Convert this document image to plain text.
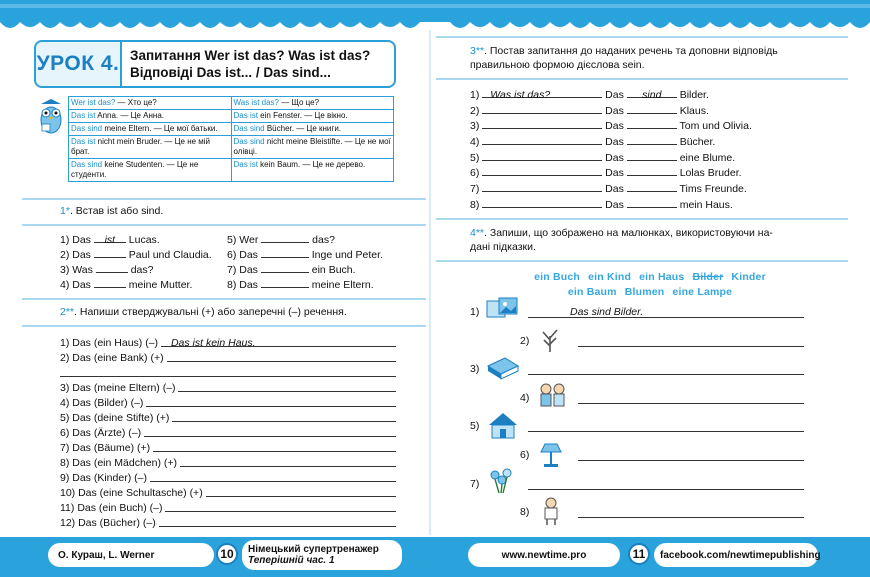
УРОК 4. Запитання Wer ist das? Was ist das?
Відповіді Das ist... / Das sind...
Wer ist das? — Хто це?	Was ist das? — Що це?
Das ist Anna. — Це Анна.	Das ist ein Fenster. — Це вікно.
Das sind meine Eltern. — Це мої батьки.	Das sind Bücher. — Це книги.
Das ist nicht mein Bruder. — Це не мій брат.	Das sind nicht meine Bleistifte. — Це не мої олівці.
Das sind keine Studenten. — Це не студенти.	Das ist kein Baum. — Це не дерево.
1*. Встав ist або sind.
1) Das ist Lucas.
2) Das	Paul und Claudia.
3) Was	das?
4) Das	meine Mutter.
5) Wer	das?
6) Das	Inge und Peter.
7) Das	ein Buch.
8) Das	meine Eltern.
2**. Напиши стверджувальні (+) або заперечні (–) речення.
1) Das (ein Haus) (–) Das ist kein Haus.
2) Das (eine Bank) (+)
3) Das (meine Eltern) (–)
4) Das (Bilder) (–)
5) Das (deine Stifte) (+)
6) Das (Ärzte) (–)
7) Das (Bäume) (+)
8) Das (ein Mädchen) (+)
9) Das (Kinder) (–)
10) Das (eine Schultasche) (+)
11) Das (ein Buch) (–)
12) Das (Bücher) (–)
3**. Постав запитання до наданих речень та доповни відповідь
правильною формою дієслова sein.
1) Was ist das?	Das sind Bilder.
2)	Das	Klaus.
3)	Das	Tom und Olivia.
4)	Das	Bücher.
5)	Das	eine Blume.
6)	Das	Lolas Bruder.
7)	Das	Tims Freunde.
8)	Das	mein Haus.
4**. Запиши, що зображено на малюнках, використовуючи на-
дані підказки.
ein Buch ein Kind ein Haus Bilder Kinder
ein Baum Blumen eine Lampe
1)	Das sind Bilder.
2)
3)
4)
5)
6)
7)
8)
О. Кураш, L. Werner	10	Німецький супертренажер
Теперішній час. 1	www.newtime.pro	11	facebook.com/newtimepublishing
